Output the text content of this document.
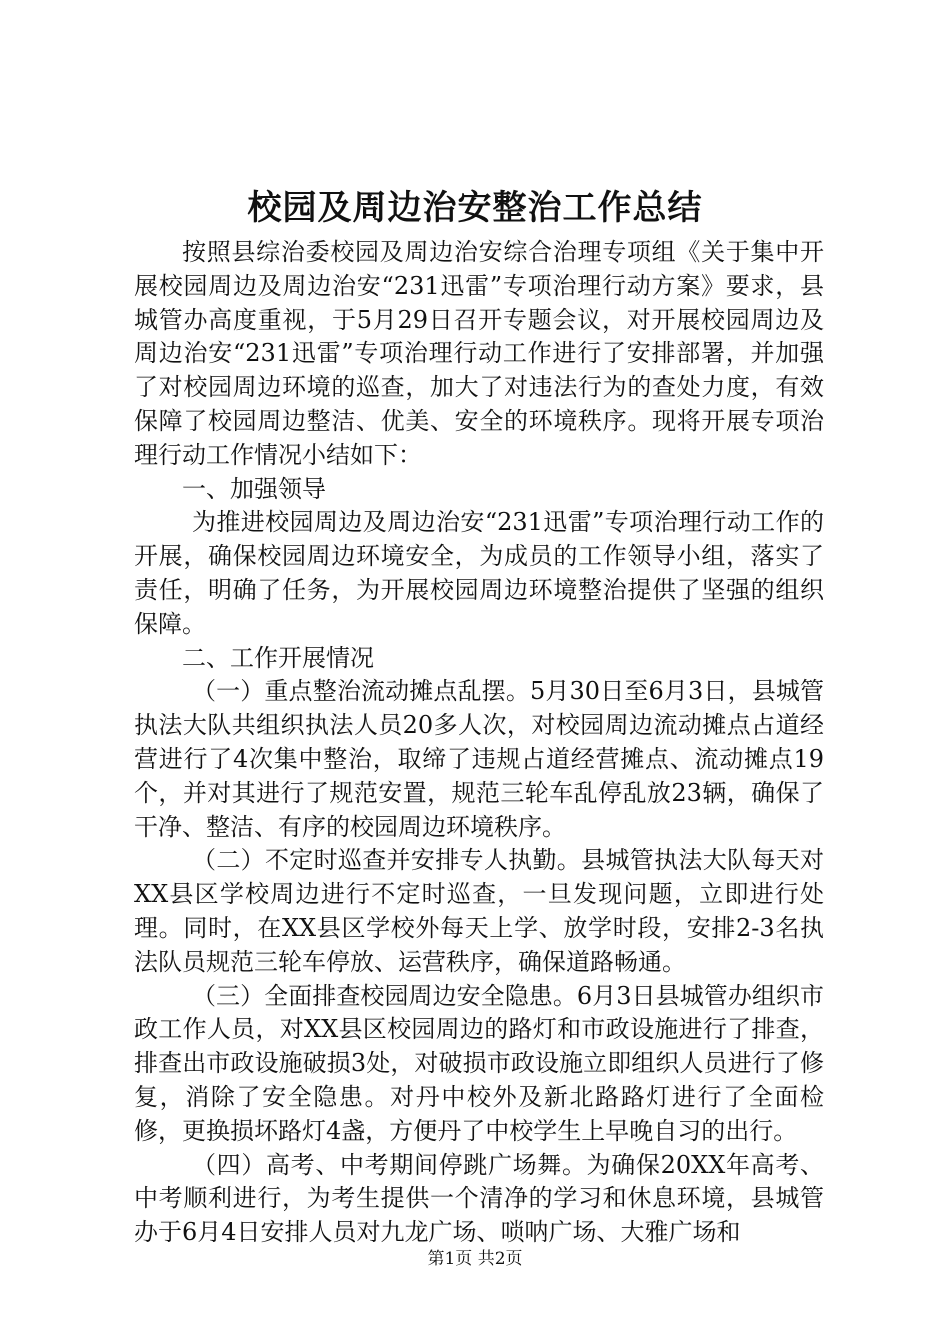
校园及周边治安整治工作总结

按照县综治委校园及周边治安综合治理专项组《关于集中开展校园周边及周边治安“231迅雷”专项治理行动方案》要求，县城管办高度重视，于5月29日召开专题会议，对开展校园周边及周边治安“231迅雷”专项治理行动工作进行了安排部署，并加强了对校园周边环境的巡查，加大了对违法行为的查处力度，有效保障了校园周边整洁、优美、安全的环境秩序。现将开展专项治理行动工作情况小结如下：

一、加强领导

为推进校园周边及周边治安“231迅雷”专项治理行动工作的开展，确保校园周边环境安全，为成员的工作领导小组，落实了责任，明确了任务，为开展校园周边环境整治提供了坚强的组织保障。

二、工作开展情况

（一）重点整治流动摊点乱摆。5月30日至6月3日，县城管执法大队共组织执法人员20多人次，对校园周边流动摊点占道经营进行了4次集中整治，取缔了违规占道经营摊点、流动摊点19个，并对其进行了规范安置，规范三轮车乱停乱放23辆，确保了干净、整洁、有序的校园周边环境秩序。

（二）不定时巡查并安排专人执勤。县城管执法大队每天对XX县区学校周边进行不定时巡查，一旦发现问题，立即进行处理。同时，在XX县区学校外每天上学、放学时段，安排2-3名执法队员规范三轮车停放、运营秩序，确保道路畅通。

（三）全面排查校园周边安全隐患。6月3日县城管办组织市政工作人员，对XX县区校园周边的路灯和市政设施进行了排查，排查出市政设施破损3处，对破损市政设施立即组织人员进行了修复，消除了安全隐患。对丹中校外及新北路路灯进行了全面检修，更换损坏路灯4盏，方便丹了中校学生上早晚自习的出行。

（四）高考、中考期间停跳广场舞。为确保20XX年高考、中考顺利进行，为考生提供一个清净的学习和休息环境，县城管办于6月4日安排人员对九龙广场、唢呐广场、大雅广场和

第1页 共2页
